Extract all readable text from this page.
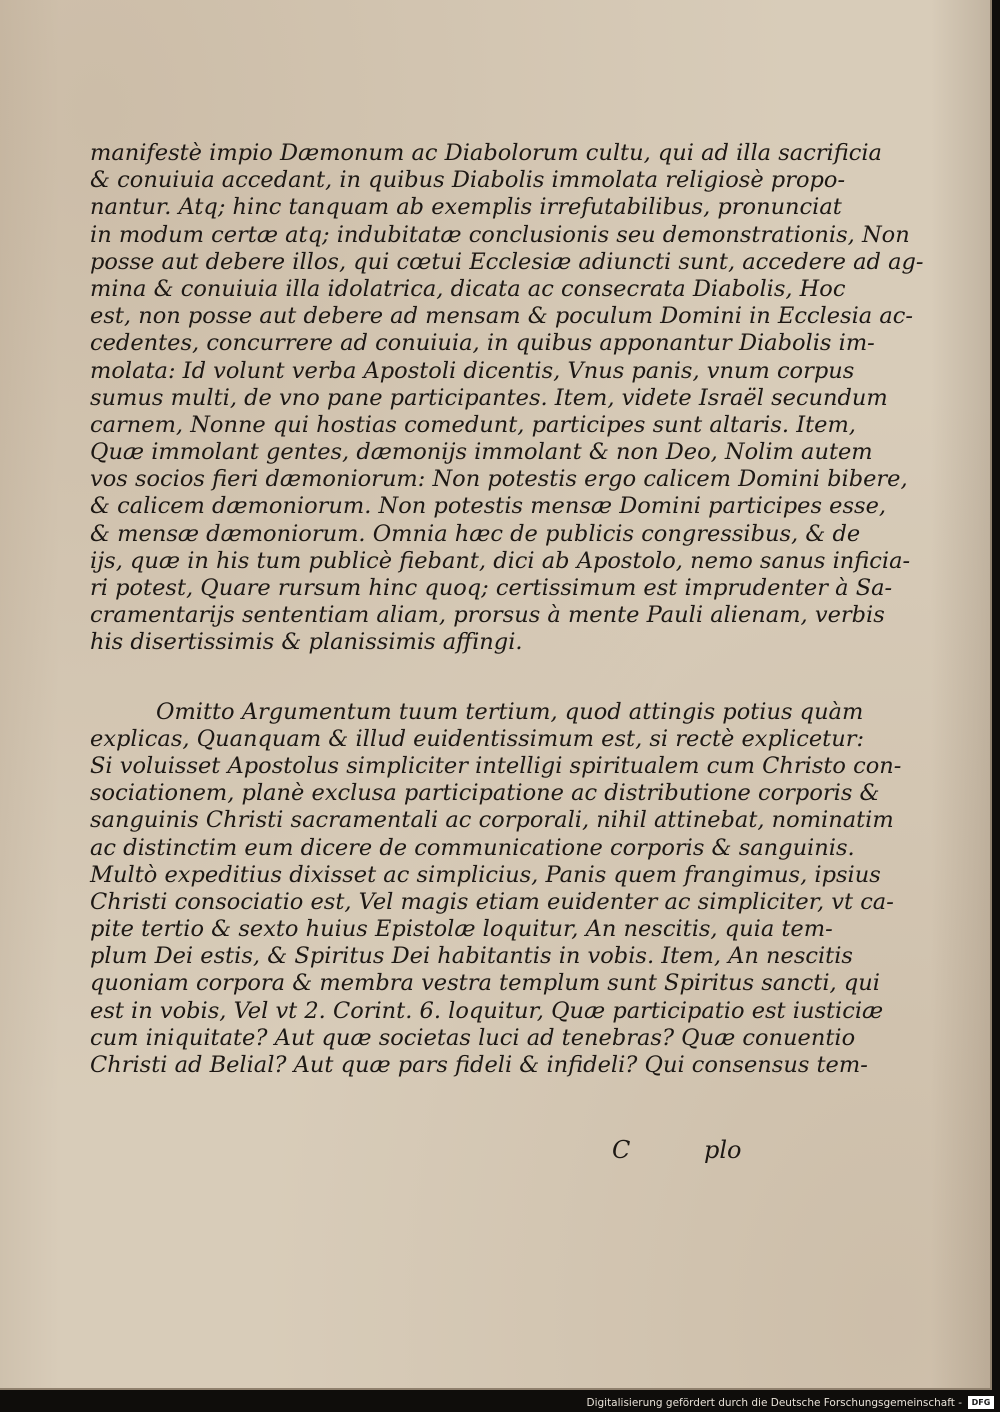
manifestè impio Dæmonum ac Diabolorum cultu, qui ad illa sacrificia
& conuiuia accedant, in quibus Diabolis immolata religiosè propo-
nantur. Atq; hinc tanquam ab exemplis irrefutabilibus, pronunciat
in modum certæ atq; indubitatæ conclusionis seu demonstrationis, Non
posse aut debere illos, qui cœtui Ecclesiæ adiuncti sunt, accedere ad ag-
mina & conuiuia illa idolatrica, dicata ac consecrata Diabolis, Hoc
est, non posse aut debere ad mensam & poculum Domini in Ecclesia ac-
cedentes, concurrere ad conuiuia, in quibus apponantur Diabolis im-
molata: Id volunt verba Apostoli dicentis, Vnus panis, vnum corpus
sumus multi, de vno pane participantes. Item, videte Israël secundum
carnem, Nonne qui hostias comedunt, participes sunt altaris. Item,
Quæ immolant gentes, dæmonijs immolant & non Deo, Nolim autem
vos socios fieri dæmoniorum: Non potestis ergo calicem Domini bibere,
& calicem dæmoniorum. Non potestis mensæ Domini participes esse,
& mensæ dæmoniorum. Omnia hæc de publicis congressibus, & de
ijs, quæ in his tum publicè fiebant, dici ab Apostolo, nemo sanus inficia-
ri potest, Quare rursum hinc quoq; certissimum est imprudenter à Sa-
cramentarijs sententiam aliam, prorsus à mente Pauli alienam, verbis
his disertissimis & planissimis affingi.
Omitto Argumentum tuum tertium, quod attingis potius quàm
explicas, Quanquam & illud euidentissimum est, si rectè explicetur:
Si voluisset Apostolus simpliciter intelligi spiritualem cum Christo con-
sociationem, planè exclusa participatione ac distributione corporis &
sanguinis Christi sacramentali ac corporali, nihil attinebat, nominatim
ac distinctim eum dicere de communicatione corporis & sanguinis.
Multò expeditius dixisset ac simplicius, Panis quem frangimus, ipsius
Christi consociatio est, Vel magis etiam euidenter ac simpliciter, vt ca-
pite tertio & sexto huius Epistolæ loquitur, An nescitis, quia tem-
plum Dei estis, & Spiritus Dei habitantis in vobis. Item, An nescitis
quoniam corpora & membra vestra templum sunt Spiritus sancti, qui
est in vobis, Vel vt 2. Corint. 6. loquitur, Quæ participatio est iusticiæ
cum iniquitate? Aut quæ societas luci ad tenebras? Quæ conuentio
Christi ad Belial? Aut quæ pars fideli & infideli? Qui consensus tem-
C	plo
Digitalisierung gefördert durch die Deutsche Forschungsgemeinschaft -	DFG
